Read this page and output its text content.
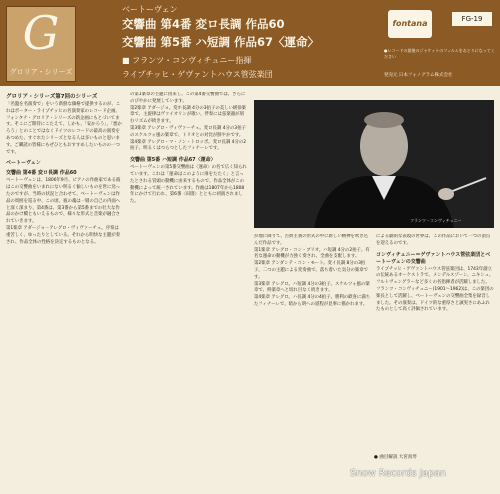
G
グロリア・シリーズ
ベートーヴェン
交響曲 第4番 変ロ長調 作品60
交響曲 第5番 ハ短調 作品67〈運命〉
■ フランツ・コンヴィチュニー指揮
ライプチッヒ・ゲヴァントハウス管弦楽団
fontana	FG-19
●レコードの最後のジャケットのフィルムをおとりになってください
発売元 日本フォノグラム株式会社
グロリア・シリーズ第7回のシリーズ
「名盤を名演奏で」をいう新鮮な価格で提供するのが、これはポーター・ライプチッヒの名演奏家のレコード企画。フォンタナ・グロリア・シリーズの新企画にもとづいてます。そこにご期待にこたえて、しかも、「安かろう」、「悪かろう」とのことではなくドイツのレコードの最高の演奏をあつめた、すぐれたシリーズとなる人は多いものと思います。ご購読の皆様にもぜひともおすすめしたいものの一つです。
ベートーヴェン
交響曲 第4番 変ロ長調 作品60
ベートーヴェンは、1806年9月、ピアノの作曲家である彼はこの交響曲をいまれにない明るく愉しいものを世に送ったのですが、当時の状況と合わせて、ベートーヴェンは作品の周囲を巡る中、この頃、彼の魂は一層の自己の内面へと深く深まり、第4番は、第3番から第5番までの壮大な作品のかけ橋ともいえるもので、様々な形式と音楽が融合されていきます。
第1楽章 アダージョ－アレグロ・ヴィヴァーチェ。序奏は重苦しく、ゆったりとしている。それから明快な主題が奏され、作品全体の性格を決定するものとなる。
の第1楽章の主題に由来し、この第4番交響曲では、さらにのびやかに発展しています。
第2楽章 アダージョ。変ホ長調 4分の3拍子の美しい緩徐楽章で、主旋律はヴァイオリンが歌い、伴奏には弦楽器が刻むリズムが続きます。
第3楽章 アレグロ・ヴィヴァーチェ。変ロ長調 4分の3拍子のスケルツォ風の楽章で、トリオとの対比が鮮やかです。
第4楽章 アレグロ・マ・ノン・トロッポ。変ロ長調 4分の2拍子。明るくはつらつとしたフィナーレです。
交響曲 第5番 ハ短調 作品67〈運命〉
ベートーヴェンの第5番交響曲は〈運命〉の名で広く知られています。これは「運命はこのように扉をたたく」と言ったとされる冒頭の動機に由来するもので、作品全体がこの動機によって統一されています。作曲は1807年から1808年にかけて行われ、第6番〈田園〉とともに初演されました。
フランツ・コンヴィチュニー
が地に降りて、古典主義の形式の中に新しい精神を吹き込んだ作品です。
第1楽章 アレグロ・コン・ブリオ。ハ短調 4分の2拍子。有名な運命の動機が力強く奏され、全曲を支配します。
第2楽章 アンダンテ・コン・モート。変イ長調 8分の3拍子。二つの主題による変奏曲で、落ち着いた気分の楽章です。
第3楽章 アレグロ。ハ短調 4分の3拍子。スケルツォ風の楽章で、終楽章へと切れ目なく続きます。
第4楽章 アレグロ。ハ長調 4分の4拍子。勝利の歓喜に満ちたフィナーレで、暗から明への道程が見事に描かれます。
による劇的な表現の世界は、この作品において一つの頂点を迎えるのです。
コンヴィチュニー＝ゲヴァントハウス管弦楽団とベートーヴェンの交響曲
ライプチッヒ・ゲヴァントハウス管弦楽団は、1743年創立の伝統あるオーケストラで、メンデルスゾーン、ニキシュ、フルトヴェングラーなど多くの名指揮者が活躍しました。
フランツ・コンヴィチュニー(1901～1962)は、この楽団の楽長として活躍し、ベートーヴェンの交響曲全集を録音しました。その演奏は、ドイツ的な重厚さと誠実さにあふれたものとして高く評価されています。
● 曲目解説 大宮真琴
Snow Records Japan
